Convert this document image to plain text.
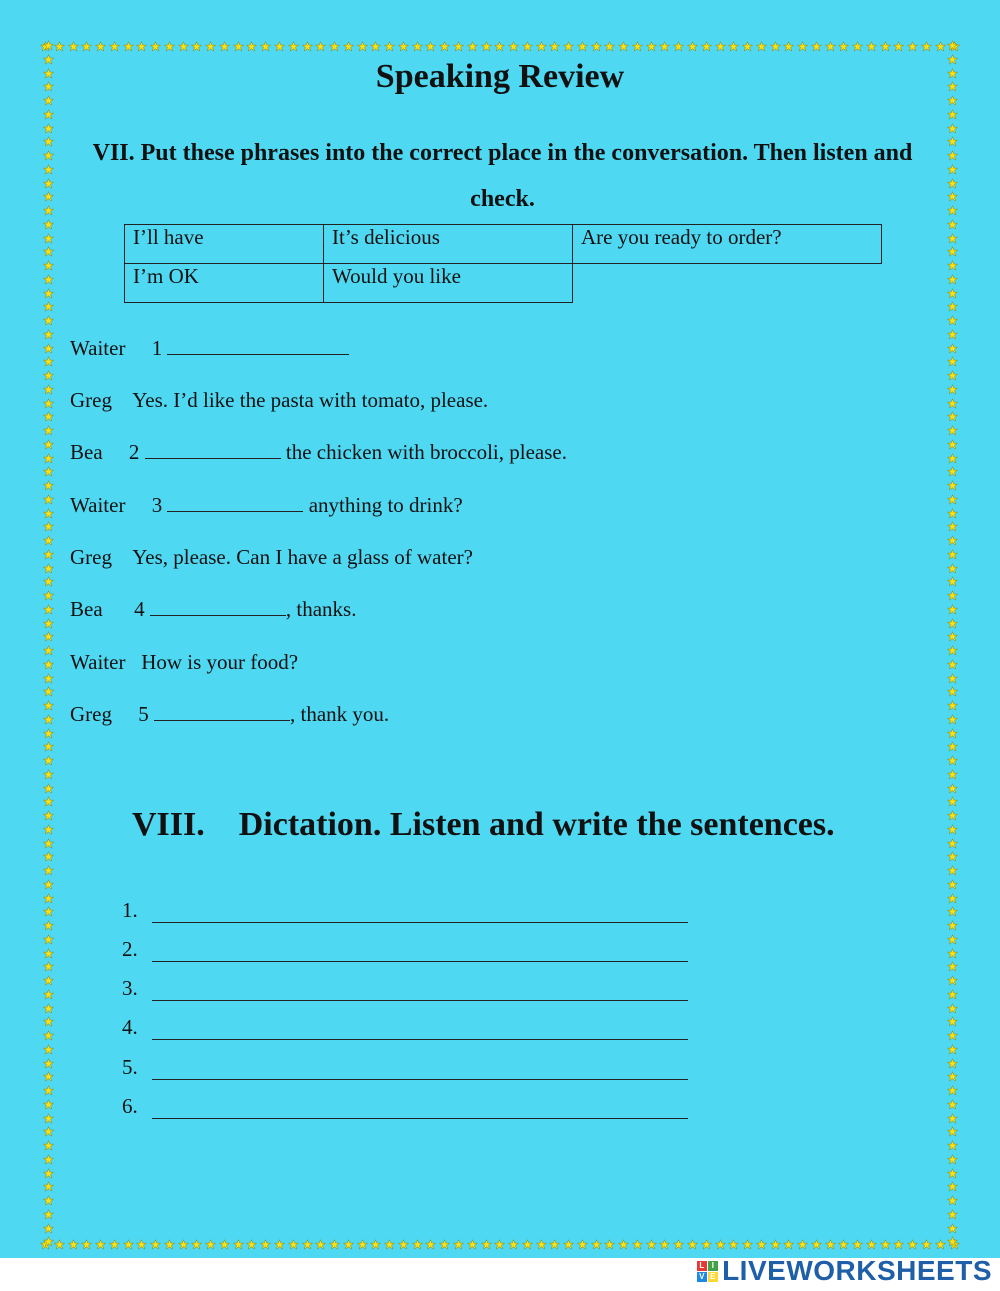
Speaking Review
VII. Put these phrases into the correct place in the conversation. Then listen and check.
I’ll have	It’s delicious	Are you ready to order?
I’m OK	Would you like	
Waiter 1
Greg Yes. I’d like the pasta with tomato, please.
Bea 2	the chicken with broccoli, please.
Waiter 3	anything to drink?
Greg Yes, please. Can I have a glass of water?
Bea 4	, thanks.
Waiter How is your food?
Greg 5	, thank you.
VIII. Dictation. Listen and write the sentences.
1.
2.
3.
4.
5.
6.
L I
V E LIVEWORKSHEETS
